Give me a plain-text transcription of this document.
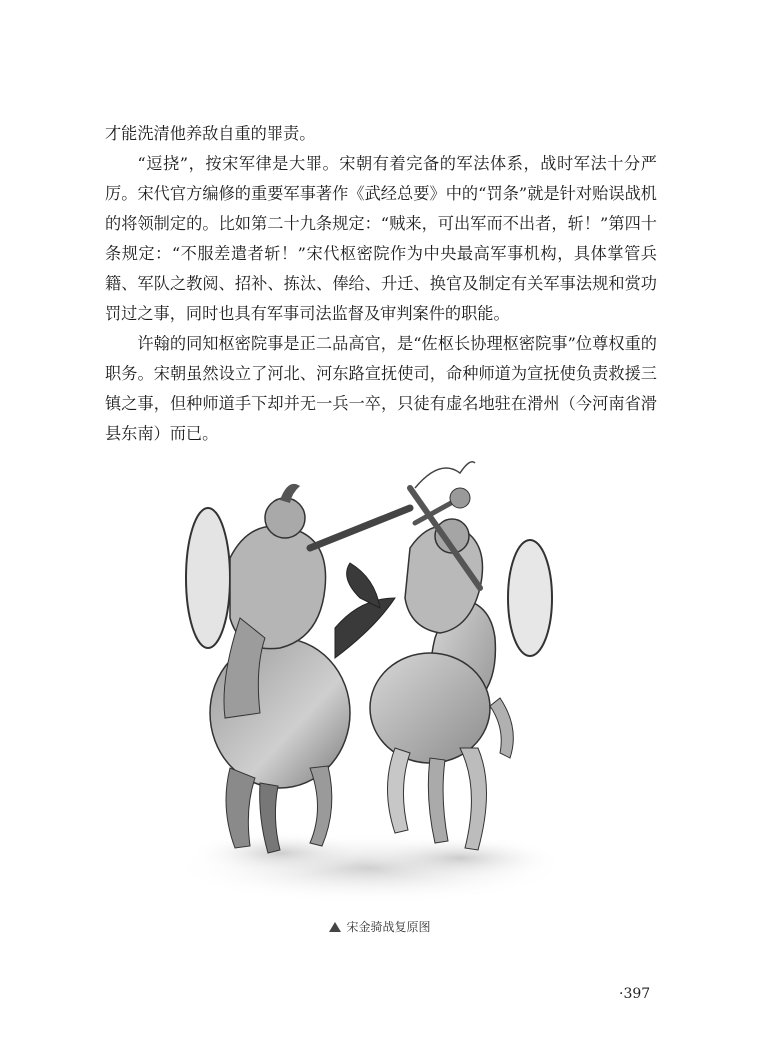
才能洗清他养敌自重的罪责。

“逗挠”，按宋军律是大罪。宋朝有着完备的军法体系，战时军法十分严厉。宋代官方编修的重要军事著作《武经总要》中的“罚条”就是针对贻误战机的将领制定的。比如第二十九条规定：“贼来，可出军而不出者，斩！”第四十条规定：“不服差遣者斩！”宋代枢密院作为中央最高军事机构，具体掌管兵籍、军队之教阅、招补、拣汰、俸给、升迁、换官及制定有关军事法规和赏功罚过之事，同时也具有军事司法监督及审判案件的职能。

许翰的同知枢密院事是正二品高官，是“佐枢长协理枢密院事”位尊权重的职务。宋朝虽然设立了河北、河东路宣抚使司，命种师道为宣抚使负责救援三镇之事，但种师道手下却并无一兵一卒，只徒有虚名地驻在滑州（今河南省滑县东南）而已。

宋金骑战复原图
·397
